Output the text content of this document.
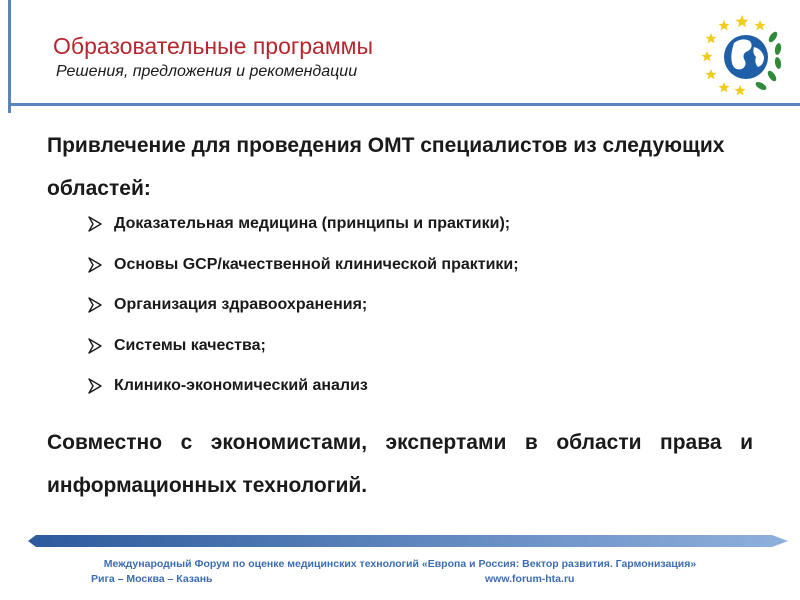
Образовательные программы
Решения, предложения и рекомендации
Привлечение для проведения ОМТ специалистов из следующих областей:
Доказательная медицина (принципы и практики);
Основы GCP/качественной клинической практики;
Организация здравоохранения;
Системы качества;
Клинико-экономический анализ
Совместно с экономистами, экспертами в области права и информационных технологий.
Международный Форум по оценке медицинских технологий «Европа и Россия: Вектор развития. Гармонизация»
Рига – Москва – Казань	www.forum-hta.ru
